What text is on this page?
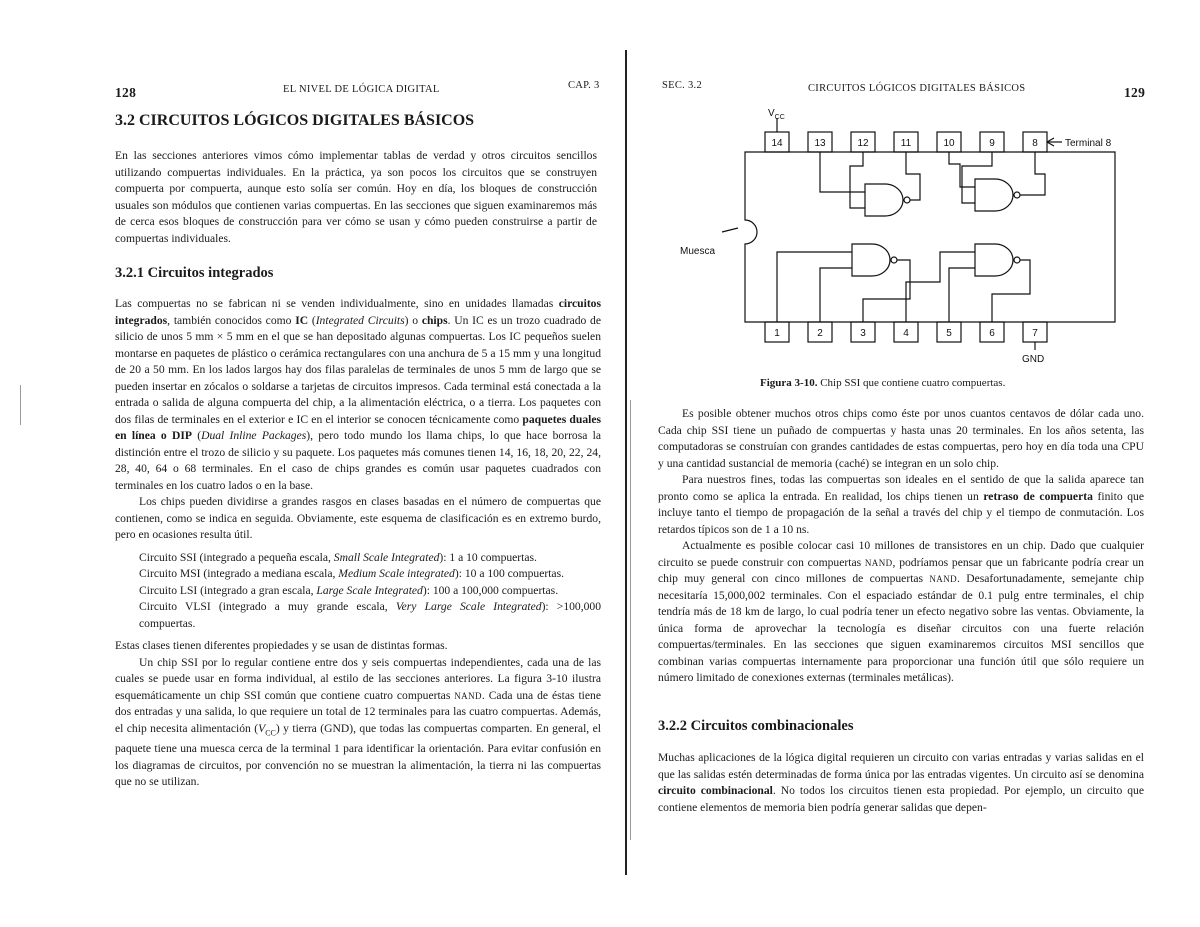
128	EL NIVEL DE LÓGICA DIGITAL	CAP. 3
3.2 CIRCUITOS LÓGICOS DIGITALES BÁSICOS

En las secciones anteriores vimos cómo implementar tablas de verdad y otros circuitos sencillos utilizando compuertas individuales. En la práctica, ya son pocos los circuitos que se construyen compuerta por compuerta, aunque esto solía ser común. Hoy en día, los bloques de construcción usuales son módulos que contienen varias compuertas. En las secciones que siguen examinaremos más de cerca esos bloques de construcción para ver cómo se usan y cómo pueden construirse a partir de compuertas individuales.

3.2.1 Circuitos integrados

Las compuertas no se fabrican ni se venden individualmente, sino en unidades llamadas circuitos integrados, también conocidos como IC (Integrated Circuits) o chips. Un IC es un trozo cuadrado de silicio de unos 5 mm × 5 mm en el que se han depositado algunas compuertas. Los IC pequeños suelen montarse en paquetes de plástico o cerámica rectangulares con una anchura de 5 a 15 mm y una longitud de 20 a 50 mm. En los lados largos hay dos filas paralelas de terminales de unos 5 mm de largo que se pueden insertar en zócalos o soldarse a tarjetas de circuitos impresos. Cada terminal está conectada a la entrada o salida de alguna compuerta del chip, a la alimentación eléctrica, o a tierra. Los paquetes con dos filas de terminales en el exterior e IC en el interior se conocen técnicamente como paquetes duales en línea o DIP (Dual Inline Packages), pero todo mundo los llama chips, lo que hace borrosa la distinción entre el trozo de silicio y su paquete. Los paquetes más comunes tienen 14, 16, 18, 20, 22, 24, 28, 40, 64 o 68 terminales. En el caso de chips grandes es común usar paquetes cuadrados con terminales en los cuatro lados o en la base.

Los chips pueden dividirse a grandes rasgos en clases basadas en el número de compuertas que contienen, como se indica en seguida. Obviamente, este esquema de clasificación es en extremo burdo, pero en ocasiones resulta útil.

Circuito SSI (integrado a pequeña escala, Small Scale Integrated): 1 a 10 compuertas.

Circuito MSI (integrado a mediana escala, Medium Scale integrated): 10 a 100 compuertas.

Circuito LSI (integrado a gran escala, Large Scale Integrated): 100 a 100,000 compuertas.

Circuito VLSI (integrado a muy grande escala, Very Large Scale Integrated): >100,000 compuertas.

Estas clases tienen diferentes propiedades y se usan de distintas formas.

Un chip SSI por lo regular contiene entre dos y seis compuertas independientes, cada una de las cuales se puede usar en forma individual, al estilo de las secciones anteriores. La figura 3-10 ilustra esquemáticamente un chip SSI común que contiene cuatro compuertas NAND. Cada una de éstas tiene dos entradas y una salida, lo que requiere un total de 12 terminales para las cuatro compuertas. Además, el chip necesita alimentación $(V_{CC})$ y tierra (GND), que todas las compuertas comparten. En general, el paquete tiene una muesca cerca de la terminal 1 para identificar la orientación. Para evitar confusión en los diagramas de circuitos, por convención no se muestran la alimentación, la tierra ni las compuertas que no se utilizan.

SEC. 3.2	CIRCUITOS LÓGICOS DIGITALES BÁSICOS	129
$V_{CC}$
Terminal 8
Muesca
GND
14	13	12	11	10	9	8
1	2	3	4	5	6	7
Figura 3-10. Chip SSI que contiene cuatro compuertas.

Es posible obtener muchos otros chips como éste por unos cuantos centavos de dólar cada uno. Cada chip SSI tiene un puñado de compuertas y hasta unas 20 terminales. En los años setenta, las computadoras se construían con grandes cantidades de estas compuertas, pero hoy en día toda una CPU y una cantidad sustancial de memoria (caché) se integran en un solo chip.

Para nuestros fines, todas las compuertas son ideales en el sentido de que la salida aparece tan pronto como se aplica la entrada. En realidad, los chips tienen un retraso de compuerta finito que incluye tanto el tiempo de propagación de la señal a través del chip y el tiempo de conmutación. Los retardos típicos son de 1 a 10 ns.

Actualmente es posible colocar casi 10 millones de transistores en un chip. Dado que cualquier circuito se puede construir con compuertas NAND, podríamos pensar que un fabricante podría crear un chip muy general con cinco millones de compuertas NAND. Desafortunadamente, semejante chip necesitaría 15,000,002 terminales. Con el espaciado estándar de 0.1 pulg entre terminales, el chip tendría más de 18 km de largo, lo cual podría tener un efecto negativo sobre las ventas. Obviamente, la única forma de aprovechar la tecnología es diseñar circuitos con una fuerte relación compuertas/terminales. En las secciones que siguen examinaremos circuitos MSI sencillos que combinan varias compuertas internamente para proporcionar una función útil que sólo requiere un número limitado de conexiones externas (terminales metálicas).

3.2.2 Circuitos combinacionales

Muchas aplicaciones de la lógica digital requieren un circuito con varias entradas y varias salidas en el que las salidas estén determinadas de forma única por las entradas vigentes. Un circuito así se denomina circuito combinacional. No todos los circuitos tienen esta propiedad. Por ejemplo, un circuito que contiene elementos de memoria bien podría generar salidas que depen-
